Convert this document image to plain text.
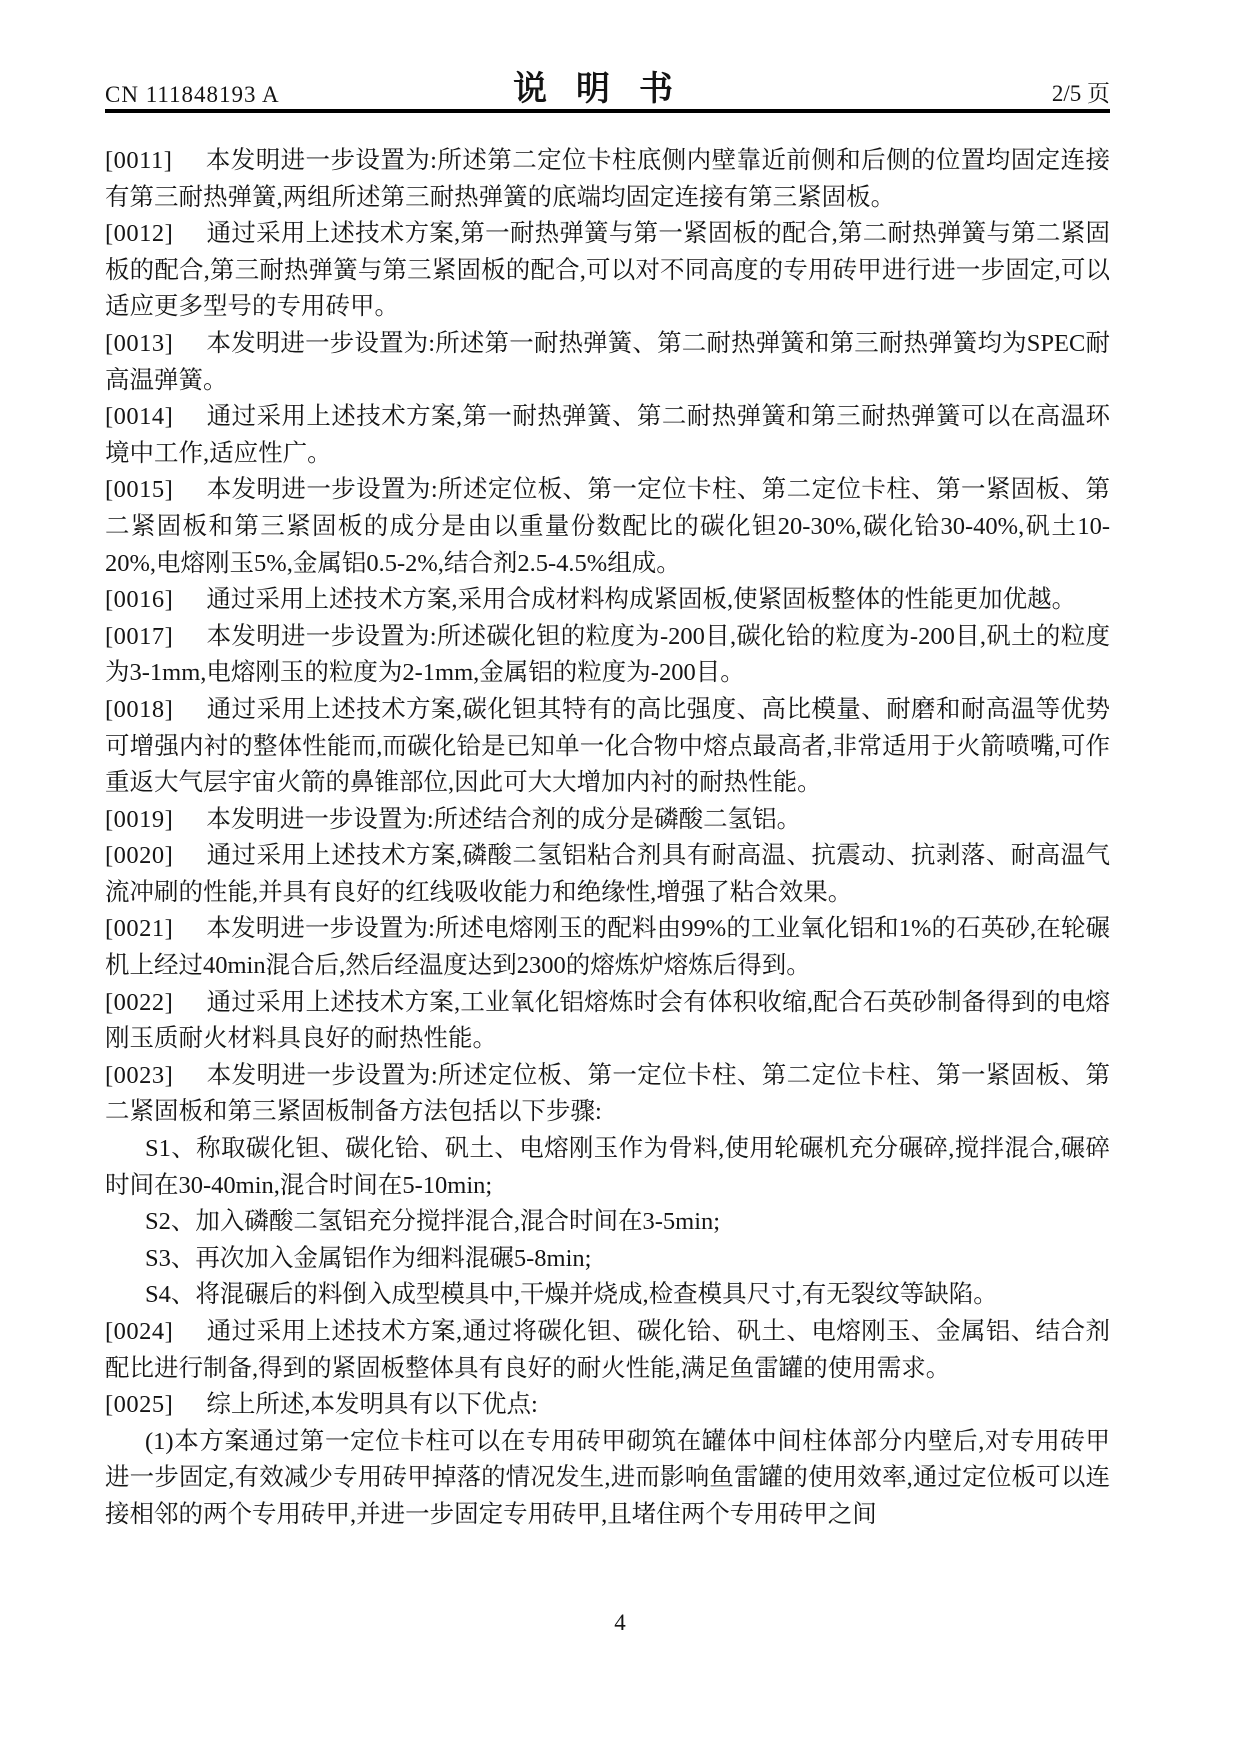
CN 111848193 A	说明书	2/5 页

[0011] 本发明进一步设置为:所述第二定位卡柱底侧内壁靠近前侧和后侧的位置均固定连接有第三耐热弹簧,两组所述第三耐热弹簧的底端均固定连接有第三紧固板。

[0012] 通过采用上述技术方案,第一耐热弹簧与第一紧固板的配合,第二耐热弹簧与第二紧固板的配合,第三耐热弹簧与第三紧固板的配合,可以对不同高度的专用砖甲进行进一步固定,可以适应更多型号的专用砖甲。

[0013] 本发明进一步设置为:所述第一耐热弹簧、第二耐热弹簧和第三耐热弹簧均为SPEC耐高温弹簧。

[0014] 通过采用上述技术方案,第一耐热弹簧、第二耐热弹簧和第三耐热弹簧可以在高温环境中工作,适应性广。

[0015] 本发明进一步设置为:所述定位板、第一定位卡柱、第二定位卡柱、第一紧固板、第二紧固板和第三紧固板的成分是由以重量份数配比的碳化钽20-30%,碳化铪30-40%,矾土10-20%,电熔刚玉5%,金属铝0.5-2%,结合剂2.5-4.5%组成。

[0016] 通过采用上述技术方案,采用合成材料构成紧固板,使紧固板整体的性能更加优越。

[0017] 本发明进一步设置为:所述碳化钽的粒度为-200目,碳化铪的粒度为-200目,矾土的粒度为3-1mm,电熔刚玉的粒度为2-1mm,金属铝的粒度为-200目。

[0018] 通过采用上述技术方案,碳化钽其特有的高比强度、高比模量、耐磨和耐高温等优势可增强内衬的整体性能而,而碳化铪是已知单一化合物中熔点最高者,非常适用于火箭喷嘴,可作重返大气层宇宙火箭的鼻锥部位,因此可大大增加内衬的耐热性能。

[0019] 本发明进一步设置为:所述结合剂的成分是磷酸二氢铝。

[0020] 通过采用上述技术方案,磷酸二氢铝粘合剂具有耐高温、抗震动、抗剥落、耐高温气流冲刷的性能,并具有良好的红线吸收能力和绝缘性,增强了粘合效果。

[0021] 本发明进一步设置为:所述电熔刚玉的配料由99%的工业氧化铝和1%的石英砂,在轮碾机上经过40min混合后,然后经温度达到2300的熔炼炉熔炼后得到。

[0022] 通过采用上述技术方案,工业氧化铝熔炼时会有体积收缩,配合石英砂制备得到的电熔刚玉质耐火材料具良好的耐热性能。

[0023] 本发明进一步设置为:所述定位板、第一定位卡柱、第二定位卡柱、第一紧固板、第二紧固板和第三紧固板制备方法包括以下步骤:

S1、称取碳化钽、碳化铪、矾土、电熔刚玉作为骨料,使用轮碾机充分碾碎,搅拌混合,碾碎时间在30-40min,混合时间在5-10min;

S2、加入磷酸二氢铝充分搅拌混合,混合时间在3-5min;

S3、再次加入金属铝作为细料混碾5-8min;

S4、将混碾后的料倒入成型模具中,干燥并烧成,检查模具尺寸,有无裂纹等缺陷。

[0024] 通过采用上述技术方案,通过将碳化钽、碳化铪、矾土、电熔刚玉、金属铝、结合剂配比进行制备,得到的紧固板整体具有良好的耐火性能,满足鱼雷罐的使用需求。

[0025] 综上所述,本发明具有以下优点:

(1)本方案通过第一定位卡柱可以在专用砖甲砌筑在罐体中间柱体部分内壁后,对专用砖甲进一步固定,有效减少专用砖甲掉落的情况发生,进而影响鱼雷罐的使用效率,通过定位板可以连接相邻的两个专用砖甲,并进一步固定专用砖甲,且堵住两个专用砖甲之间

4
